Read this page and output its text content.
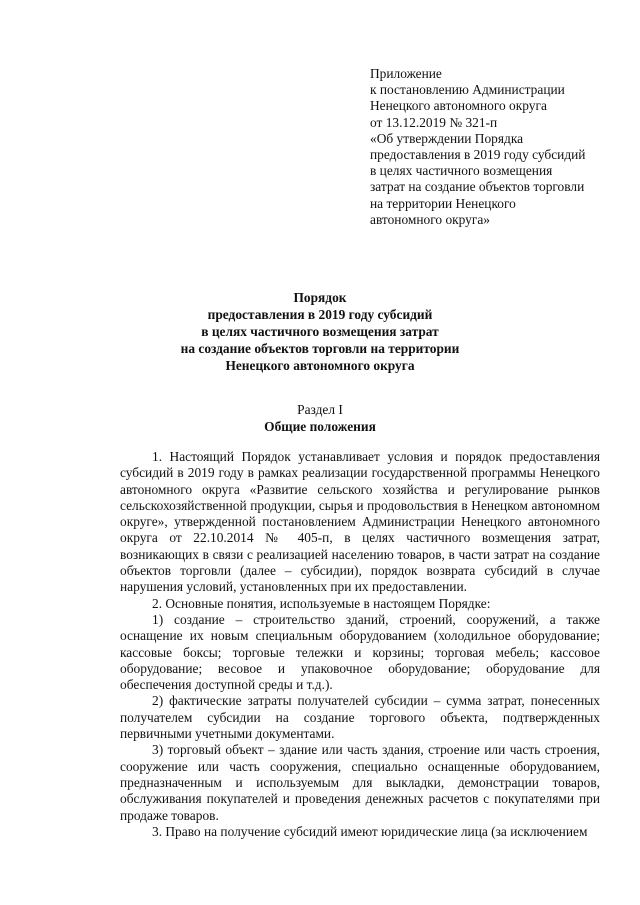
Приложение
к постановлению Администрации
Ненецкого автономного округа
от 13.12.2019 № 321-п
«Об утверждении Порядка
предоставления в 2019 году субсидий
в целях частичного возмещения
затрат на создание объектов торговли
на территории Ненецкого
автономного округа»
Порядок
предоставления в 2019 году субсидий
в целях частичного возмещения затрат
на создание объектов торговли на территории
Ненецкого автономного округа
Раздел I
Общие положения

1. Настоящий Порядок устанавливает условия и порядок предоставления субсидий в 2019 году в рамках реализации государственной программы Ненецкого автономного округа «Развитие сельского хозяйства и регулирование рынков сельскохозяйственной продукции, сырья и продовольствия в Ненецком автономном округе», утвержденной постановлением Администрации Ненецкого автономного округа от 22.10.2014 № 405-п, в целях частичного возмещения затрат, возникающих в связи с реализацией населению товаров, в части затрат на создание объектов торговли (далее – субсидии), порядок возврата субсидий в случае нарушения условий, установленных при их предоставлении.

2. Основные понятия, используемые в настоящем Порядке:

1) создание – строительство зданий, строений, сооружений, а также оснащение их новым специальным оборудованием (холодильное оборудование; кассовые боксы; торговые тележки и корзины; торговая мебель; кассовое оборудование; весовое и упаковочное оборудование; оборудование для обеспечения доступной среды и т.д.).

2) фактические затраты получателей субсидии – сумма затрат, понесенных получателем субсидии на создание торгового объекта, подтвержденных первичными учетными документами.

3) торговый объект – здание или часть здания, строение или часть строения, сооружение или часть сооружения, специально оснащенные оборудованием, предназначенным и используемым для выкладки, демонстрации товаров, обслуживания покупателей и проведения денежных расчетов с покупателями при продаже товаров.

3. Право на получение субсидий имеют юридические лица (за исключением
